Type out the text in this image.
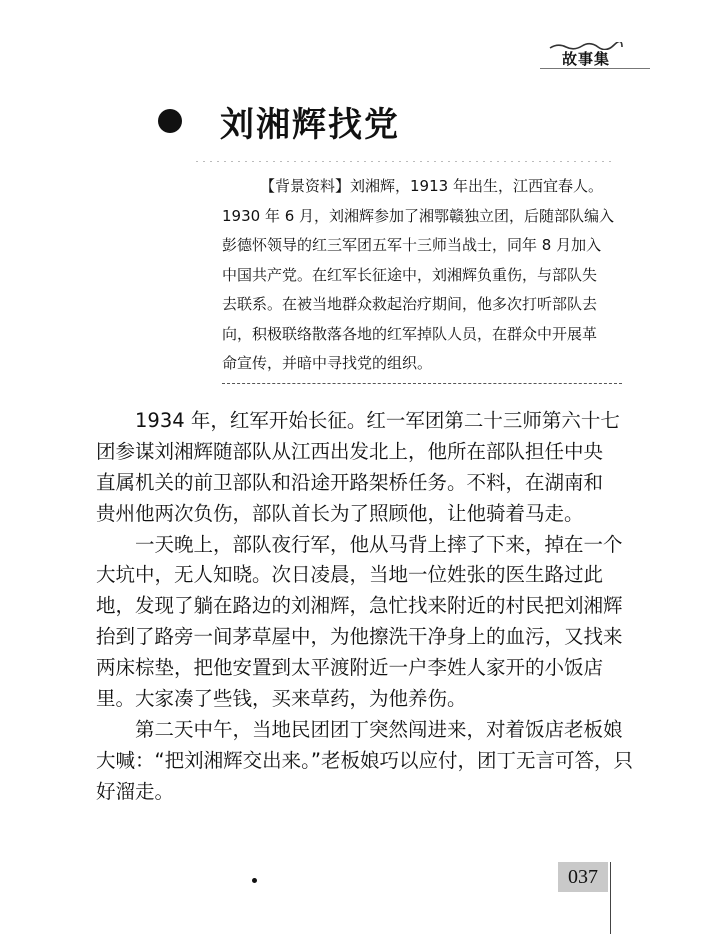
故事集
刘湘辉找党
【背景资料】刘湘辉，1913 年出生，江西宜春人。
1930 年 6 月，刘湘辉参加了湘鄂赣独立团，后随部队编入
彭德怀领导的红三军团五军十三师当战士，同年 8 月加入
中国共产党。在红军长征途中，刘湘辉负重伤，与部队失
去联系。在被当地群众救起治疗期间，他多次打听部队去
向，积极联络散落各地的红军掉队人员，在群众中开展革
命宣传，并暗中寻找党的组织。
1934 年，红军开始长征。红一军团第二十三师第六十七
团参谋刘湘辉随部队从江西出发北上，他所在部队担任中央
直属机关的前卫部队和沿途开路架桥任务。不料，在湖南和
贵州他两次负伤，部队首长为了照顾他，让他骑着马走。
一天晚上，部队夜行军，他从马背上摔了下来，掉在一个
大坑中，无人知晓。次日凌晨，当地一位姓张的医生路过此
地，发现了躺在路边的刘湘辉，急忙找来附近的村民把刘湘辉
抬到了路旁一间茅草屋中，为他擦洗干净身上的血污，又找来
两床棕垫，把他安置到太平渡附近一户李姓人家开的小饭店
里。大家凑了些钱，买来草药，为他养伤。
第二天中午，当地民团团丁突然闯进来，对着饭店老板娘
大喊：“把刘湘辉交出来。”老板娘巧以应付，团丁无言可答，只
好溜走。
037
